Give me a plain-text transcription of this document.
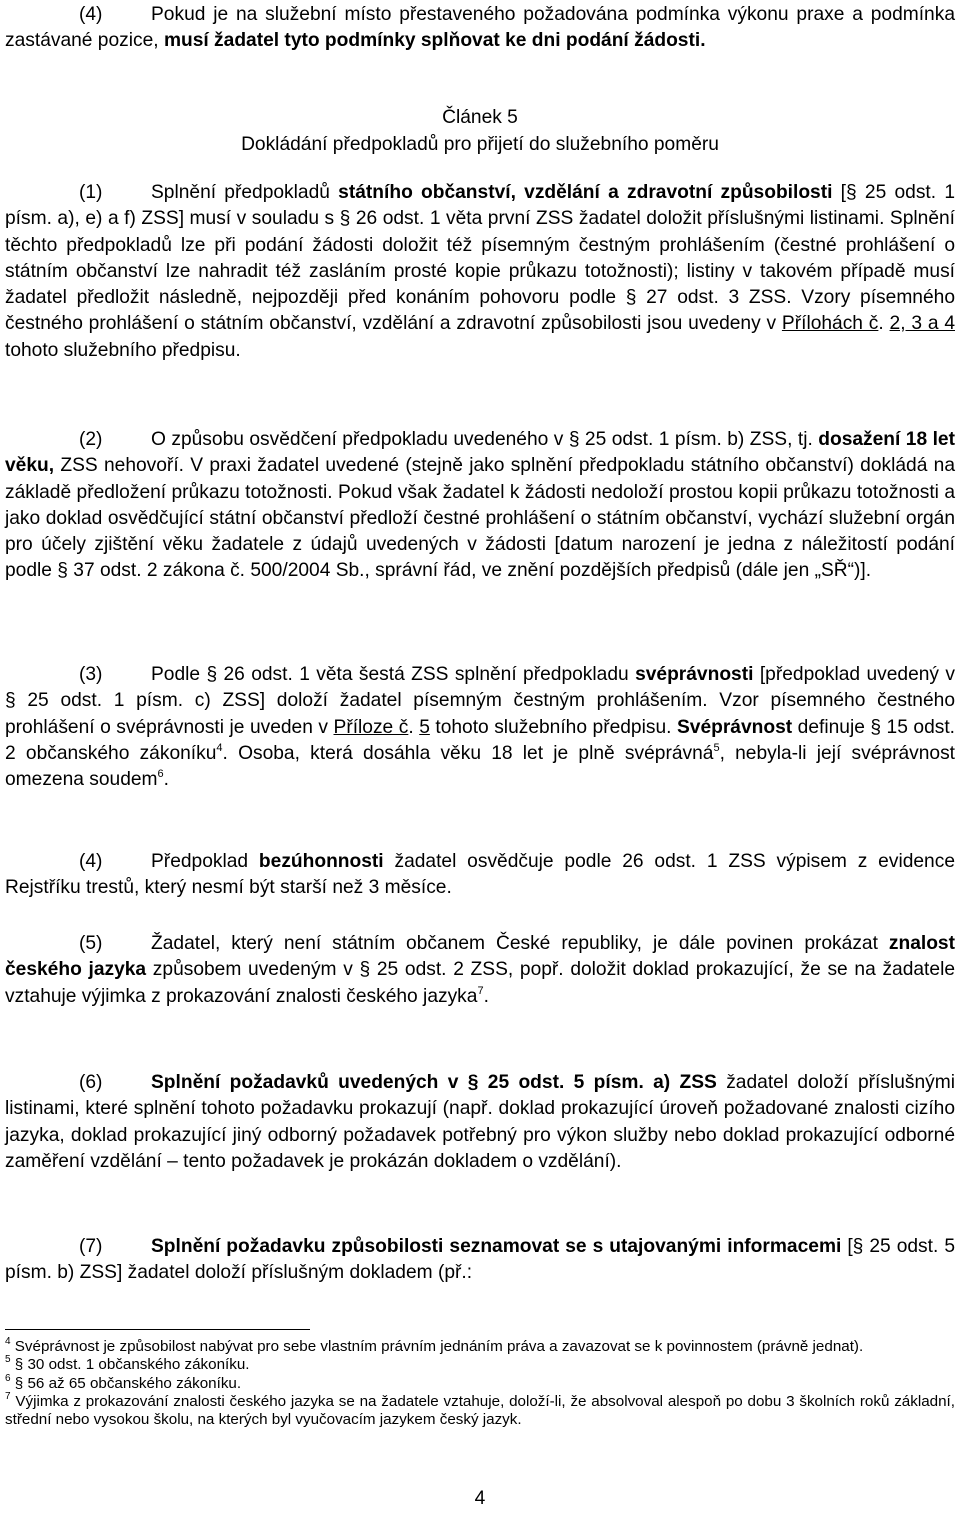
(4)	Pokud je na služební místo přestaveného požadována podmínka výkonu praxe a podmínka zastávané pozice, musí žadatel tyto podmínky splňovat ke dni podání žádosti.

Článek 5
Dokládání předpokladů pro přijetí do služebního poměru

(1)	Splnění předpokladů státního občanství, vzdělání a zdravotní způsobilosti [§ 25 odst. 1 písm. a), e) a f) ZSS] musí v souladu s § 26 odst. 1 věta první ZSS žadatel doložit příslušnými listinami. Splnění těchto předpokladů lze při podání žádosti doložit též písemným čestným prohlášením (čestné prohlášení o státním občanství lze nahradit též zasláním prosté kopie průkazu totožnosti); listiny v takovém případě musí žadatel předložit následně, nejpozději před konáním pohovoru podle § 27 odst. 3 ZSS. Vzory písemného čestného prohlášení o státním občanství, vzdělání a zdravotní způsobilosti jsou uvedeny v Přílohách č. 2, 3 a 4 tohoto služebního předpisu.

(2)	O způsobu osvědčení předpokladu uvedeného v § 25 odst. 1 písm. b) ZSS, tj. dosažení 18 let věku, ZSS nehovoří. V praxi žadatel uvedené (stejně jako splnění předpokladu státního občanství) dokládá na základě předložení průkazu totožnosti. Pokud však žadatel k žádosti nedoloží prostou kopii průkazu totožnosti a jako doklad osvědčující státní občanství předloží čestné prohlášení o státním občanství, vychází služební orgán pro účely zjištění věku žadatele z údajů uvedených v žádosti [datum narození je jedna z náležitostí podání podle § 37 odst. 2 zákona č. 500/2004 Sb., správní řád, ve znění pozdějších předpisů (dále jen „SŘ“)].

(3)	Podle § 26 odst. 1 věta šestá ZSS splnění předpokladu svéprávnosti [předpoklad uvedený v § 25 odst. 1 písm. c) ZSS] doloží žadatel písemným čestným prohlášením. Vzor písemného čestného prohlášení o svéprávnosti je uveden v Příloze č. 5 tohoto služebního předpisu. Svéprávnost definuje § 15 odst. 2 občanského zákoníku$^4$. Osoba, která dosáhla věku 18 let je plně svéprávná$^5$, nebyla-li její svéprávnost omezena soudem$^6$.

(4)	Předpoklad bezúhonnosti žadatel osvědčuje podle 26 odst. 1 ZSS výpisem z evidence Rejstříku trestů, který nesmí být starší než 3 měsíce.

(5)	Žadatel, který není státním občanem České republiky, je dále povinen prokázat znalost českého jazyka způsobem uvedeným v § 25 odst. 2 ZSS, popř. doložit doklad prokazující, že se na žadatele vztahuje výjimka z prokazování znalosti českého jazyka$^7$.

(6)	Splnění požadavků uvedených v § 25 odst. 5 písm. a) ZSS žadatel doloží příslušnými listinami, které splnění tohoto požadavku prokazují (např. doklad prokazující úroveň požadované znalosti cizího jazyka, doklad prokazující jiný odborný požadavek potřebný pro výkon služby nebo doklad prokazující odborné zaměření vzdělání – tento požadavek je prokázán dokladem o vzdělání).

(7)	Splnění požadavku způsobilosti seznamovat se s utajovanými informacemi [§ 25 odst. 5 písm. b) ZSS] žadatel doloží příslušným dokladem (př.:

$^4$ Svéprávnost je způsobilost nabývat pro sebe vlastním právním jednáním práva a zavazovat se k povinnostem (právně jednat).

$^5$ § 30 odst. 1 občanského zákoníku.

$^6$ § 56 až 65 občanského zákoníku.

$^7$ Výjimka z prokazování znalosti českého jazyka se na žadatele vztahuje, doloží-li, že absolvoval alespoň po dobu 3 školních roků základní, střední nebo vysokou školu, na kterých byl vyučovacím jazykem český jazyk.

4
